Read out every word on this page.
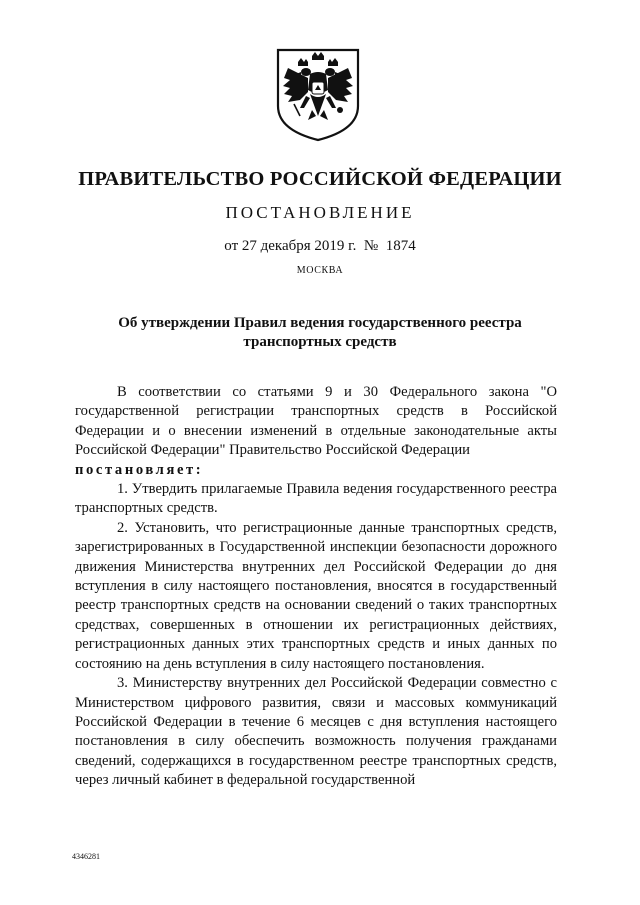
ПРАВИТЕЛЬСТВО РОССИЙСКОЙ ФЕДЕРАЦИИ
ПОСТАНОВЛЕНИЕ
от 27 декабря 2019 г.  №  1874
МОСКВА
Об утверждении Правил ведения государственного реестра
транспортных средств

В соответствии со статьями 9 и 30 Федерального закона "О государственной регистрации транспортных средств в Российской Федерации и о внесении изменений в отдельные законодательные акты Российской Федерации" Правительство Российской Федерации

постановляет:

1. Утвердить прилагаемые Правила ведения государственного реестра транспортных средств.

2. Установить, что регистрационные данные транспортных средств, зарегистрированных в Государственной инспекции безопасности дорожного движения Министерства внутренних дел Российской Федерации до дня вступления в силу настоящего постановления, вносятся в государственный реестр транспортных средств на основании сведений о таких транспортных средствах, совершенных в отношении их регистрационных действиях, регистрационных данных этих транспортных средств и иных данных по состоянию на день вступления в силу настоящего постановления.

3. Министерству внутренних дел Российской Федерации совместно с Министерством цифрового развития, связи и массовых коммуникаций Российской Федерации в течение 6 месяцев с дня вступления настоящего постановления в силу обеспечить возможность получения гражданами сведений, содержащихся в государственном реестре транспортных средств, через личный кабинет в федеральной государственной

4346281
